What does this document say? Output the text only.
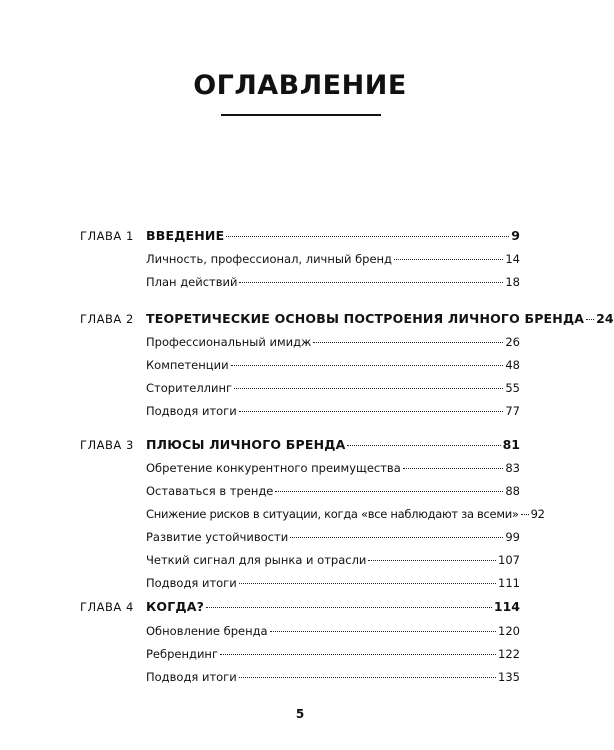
ОГЛАВЛЕНИЕ
ГЛАВА 1 ВВЕДЕНИЕ	9
Личность, профессионал, личный бренд	14
План действий	18
ГЛАВА 2 ТЕОРЕТИЧЕСКИЕ ОСНОВЫ ПОСТРОЕНИЯ ЛИЧНОГО БРЕНДА 24
Профессиональный имидж	26
Компетенции	48
Сторителлинг	55
Подводя итоги	77
ГЛАВА 3 ПЛЮСЫ ЛИЧНОГО БРЕНДА	81
Обретение конкурентного преимущества	83
Оставаться в тренде	88
Снижение рисков в ситуации, когда «все наблюдают за всеми» 92
Развитие устойчивости	99
Четкий сигнал для рынка и отрасли	107
Подводя итоги	111
ГЛАВА 4 КОГДА?	114
Обновление бренда	120
Ребрендинг	122
Подводя итоги	135
5
